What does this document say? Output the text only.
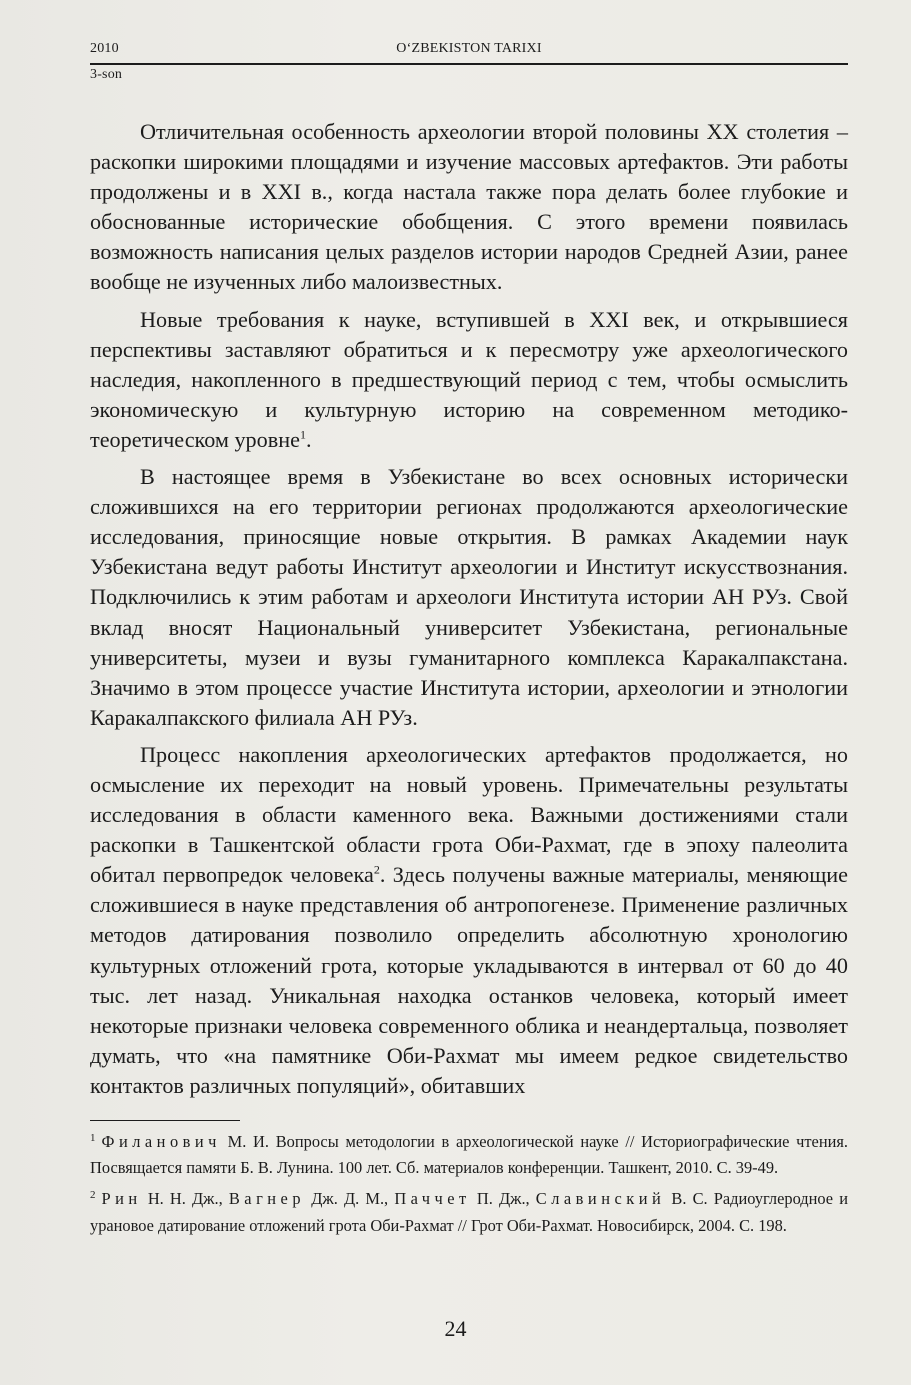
2010	O‘ZBEKISTON TARIXI
3-son

Отличительная особенность археологии второй половины XX столетия – раскопки широкими площадями и изучение массовых артефактов. Эти работы продолжены и в XXI в., когда настала также пора делать более глубокие и обоснованные исторические обобщения. С этого времени появилась возможность написания целых разделов истории народов Средней Азии, ранее вообще не изученных либо малоизвестных.

Новые требования к науке, вступившей в XXI век, и открывшиеся перспективы заставляют обратиться и к пересмотру уже археологического наследия, накопленного в предшествующий период с тем, чтобы осмыслить экономическую и культурную историю на современном методико-теоретическом уровне$^1$.

В настоящее время в Узбекистане во всех основных исторически сложившихся на его территории регионах продолжаются археологические исследования, приносящие новые открытия. В рамках Академии наук Узбекистана ведут работы Институт археологии и Институт искусствознания. Подключились к этим работам и археологи Института истории АН РУз. Свой вклад вносят Национальный университет Узбекистана, региональные университеты, музеи и вузы гуманитарного комплекса Каракалпакстана. Значимо в этом процессе участие Института истории, археологии и этнологии Каракалпакского филиала АН РУз.

Процесс накопления археологических артефактов продолжается, но осмысление их переходит на новый уровень. Примечательны результаты исследования в области каменного века. Важными достижениями стали раскопки в Ташкентской области грота Оби-Рахмат, где в эпоху палеолита обитал первопредок человека$^2$. Здесь получены важные материалы, меняющие сложившиеся в науке представления об антропогенезе. Применение различных методов датирования позволило определить абсолютную хронологию культурных отложений грота, которые укладываются в интервал от 60 до 40 тыс. лет назад. Уникальная находка останков человека, который имеет некоторые признаки человека современного облика и неандертальца, позволяет думать, что «на памятнике Оби-Рахмат мы имеем редкое свидетельство контактов различных популяций», обитавших

$^1$ Филанович М. И. Вопросы методологии в археологической науке // Историографические чтения. Посвящается памяти Б. В. Лунина. 100 лет. Сб. материалов конференции. Ташкент, 2010. С. 39-49.

$^2$ Рин Н. Н. Дж., Вагнер Дж. Д. М., Паччет П. Дж., Славинский В. С. Радиоуглеродное и урановое датирование отложений грота Оби-Рахмат // Грот Оби-Рахмат. Новосибирск, 2004. С. 198.

24
